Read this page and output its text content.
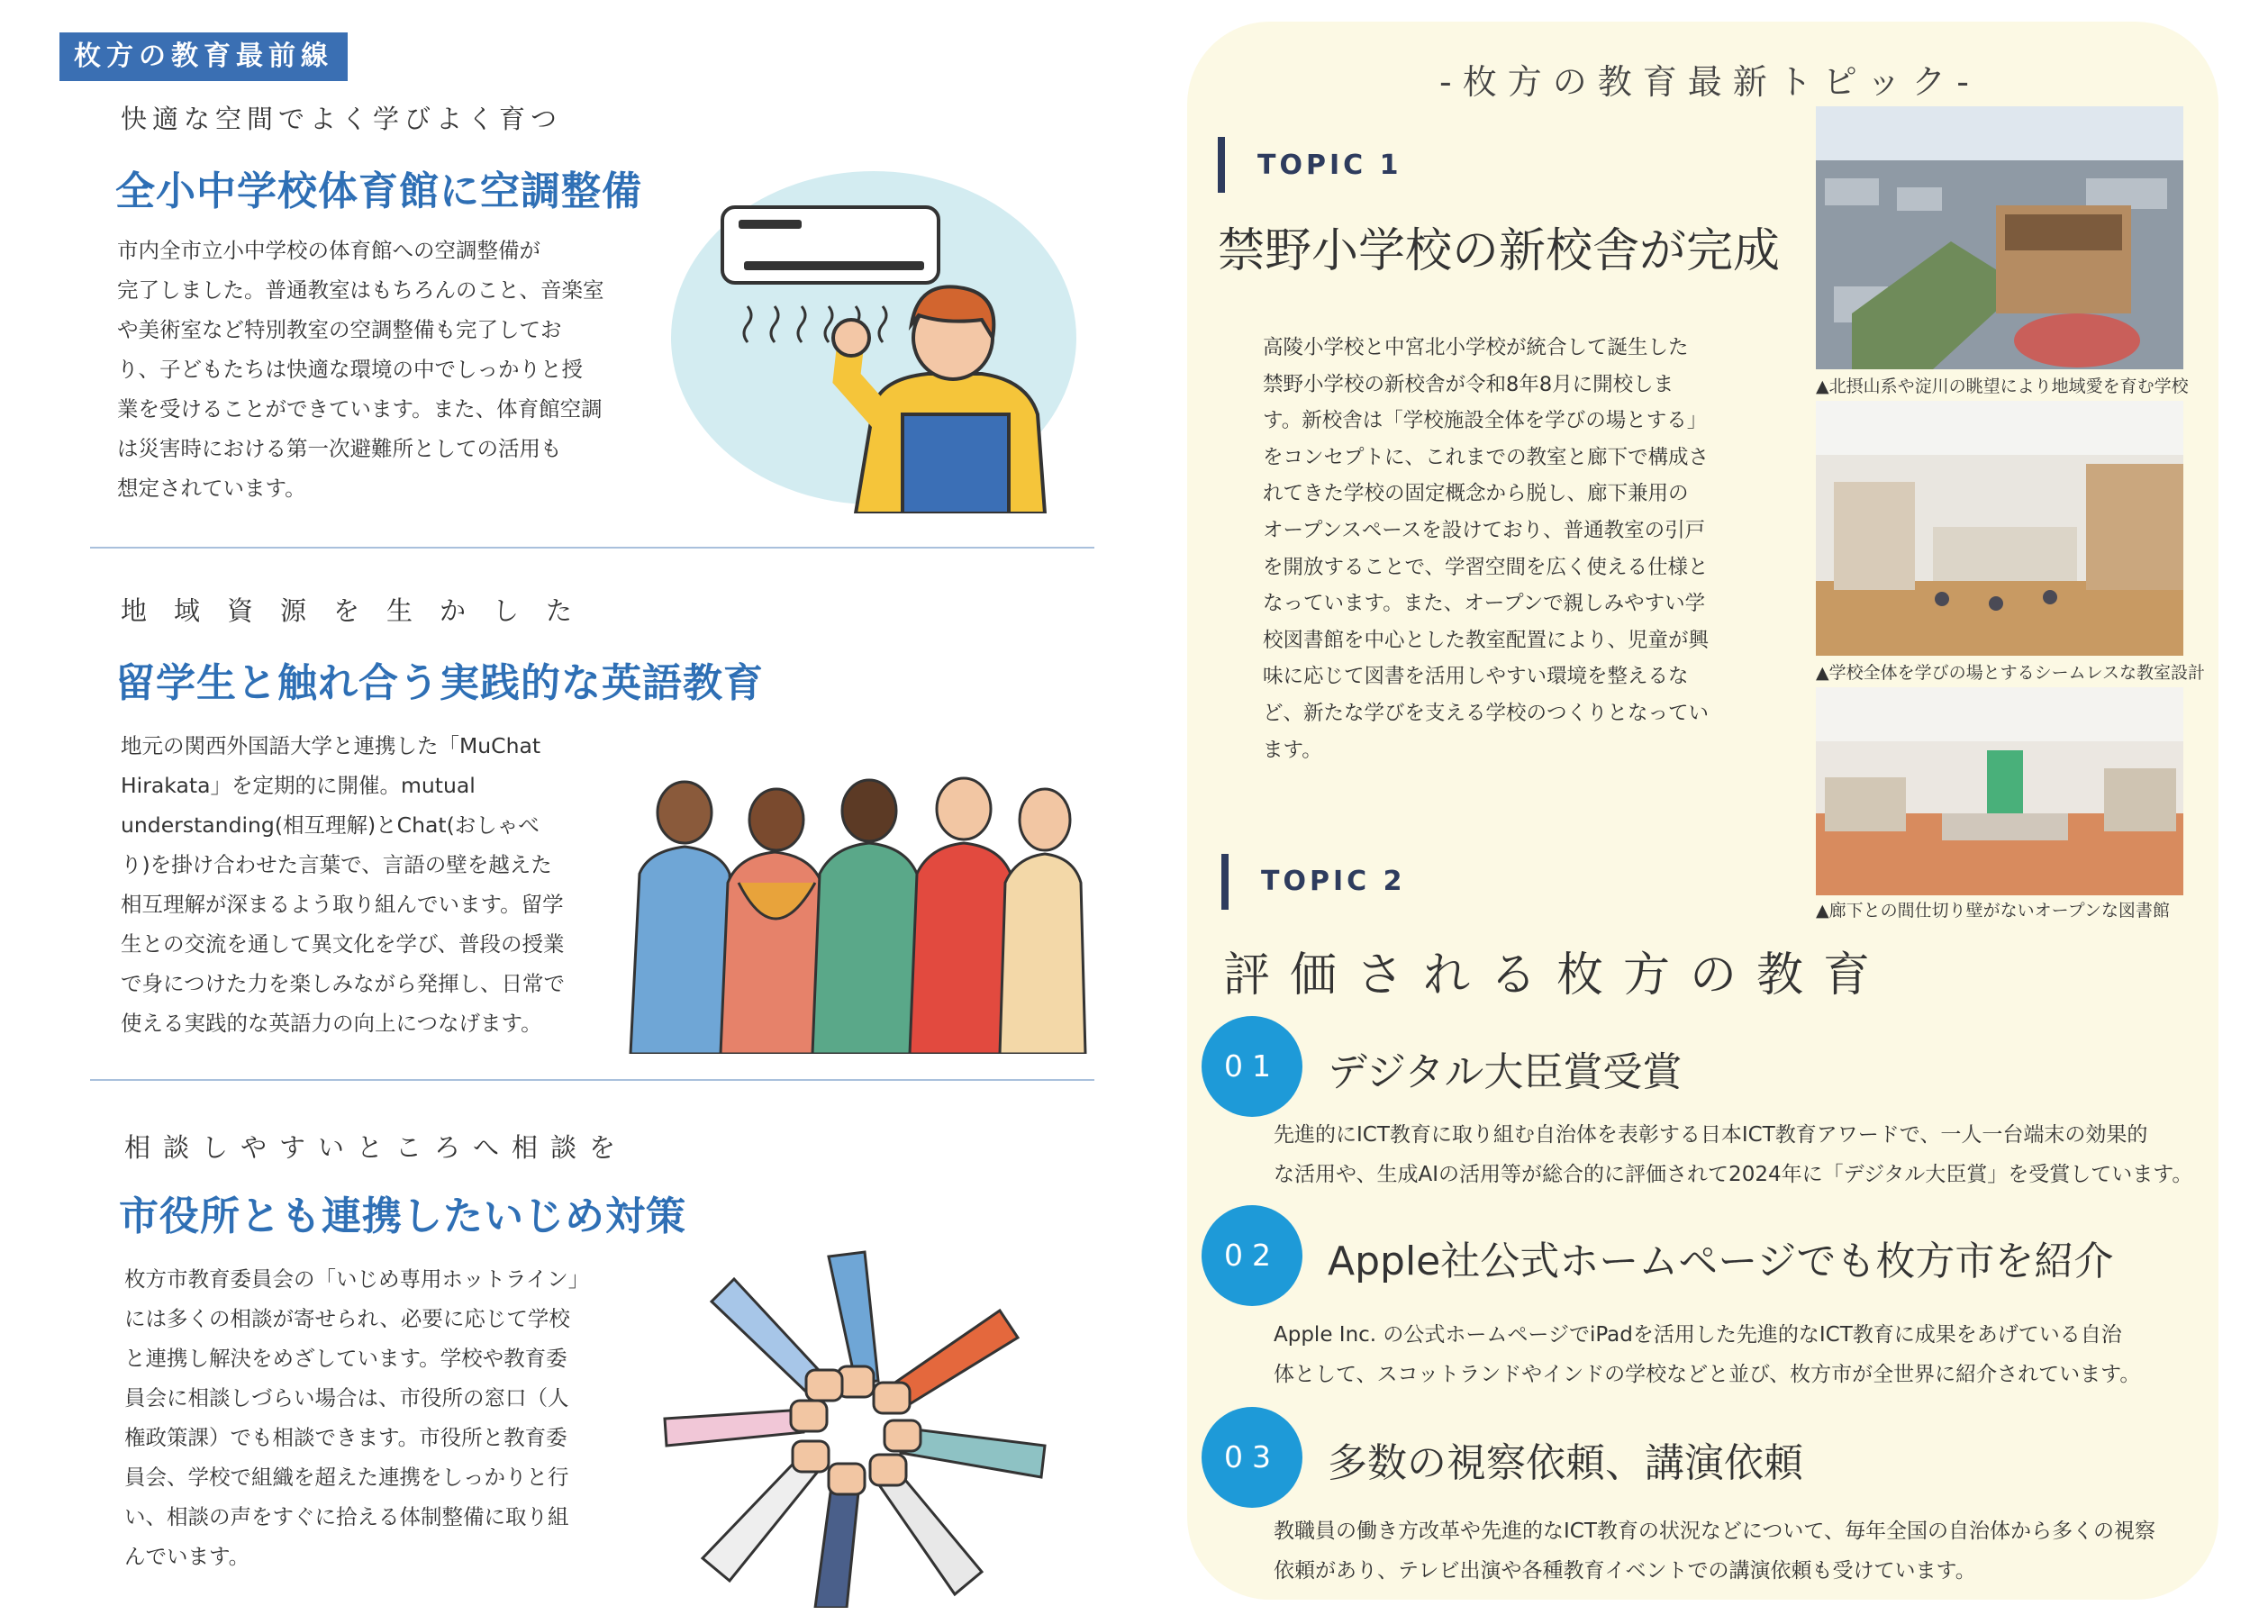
枚方の教育最前線
快適な空間でよく学びよく育つ
全小中学校体育館に空調整備
市内全市立小中学校の体育館への空調整備が
完了しました。普通教室はもちろんのこと、音楽室
や美術室など特別教室の空調整備も完了してお
り、子どもたちは快適な環境の中でしっかりと授
業を受けることができています。また、体育館空調
は災害時における第一次避難所としての活用も
想定されています。
地域資源を生かした
留学生と触れ合う実践的な英語教育
地元の関西外国語大学と連携した「MuChat
Hirakata」を定期的に開催。mutual
understanding(相互理解)とChat(おしゃべ
り)を掛け合わせた言葉で、言語の壁を越えた
相互理解が深まるよう取り組んでいます。留学
生との交流を通して異文化を学び、普段の授業
で身につけた力を楽しみながら発揮し、日常で
使える実践的な英語力の向上につなげます。
相談しやすいところへ相談を
市役所とも連携したいじめ対策
枚方市教育委員会の「いじめ専用ホットライン」
には多くの相談が寄せられ、必要に応じて学校
と連携し解決をめざしています。学校や教育委
員会に相談しづらい場合は、市役所の窓口（人
権政策課）でも相談できます。市役所と教育委
員会、学校で組織を超えた連携をしっかりと行
い、相談の声をすぐに拾える体制整備に取り組
んでいます。
-枚方の教育最新トピック-
TOPIC 1
禁野小学校の新校舎が完成
高陵小学校と中宮北小学校が統合して誕生した
禁野小学校の新校舎が令和8年8月に開校しま
す。新校舎は「学校施設全体を学びの場とする」
をコンセプトに、これまでの教室と廊下で構成さ
れてきた学校の固定概念から脱し、廊下兼用の
オープンスペースを設けており、普通教室の引戸
を開放することで、学習空間を広く使える仕様と
なっています。また、オープンで親しみやすい学
校図書館を中心とした教室配置により、児童が興
味に応じて図書を活用しやすい環境を整えるな
ど、新たな学びを支える学校のつくりとなってい
ます。
▲北摂山系や淀川の眺望により地域愛を育む学校
▲学校全体を学びの場とするシームレスな教室設計
▲廊下との間仕切り壁がないオープンな図書館
TOPIC 2
評価される枚方の教育
01	デジタル大臣賞受賞
先進的にICT教育に取り組む自治体を表彰する日本ICT教育アワードで、一人一台端末の効果的
な活用や、生成AIの活用等が総合的に評価されて2024年に「デジタル大臣賞」を受賞しています。
02	Apple社公式ホームページでも枚方市を紹介
Apple Inc. の公式ホームページでiPadを活用した先進的なICT教育に成果をあげている自治
体として、スコットランドやインドの学校などと並び、枚方市が全世界に紹介されています。
03	多数の視察依頼、講演依頼
教職員の働き方改革や先進的なICT教育の状況などについて、毎年全国の自治体から多くの視察
依頼があり、テレビ出演や各種教育イベントでの講演依頼も受けています。
